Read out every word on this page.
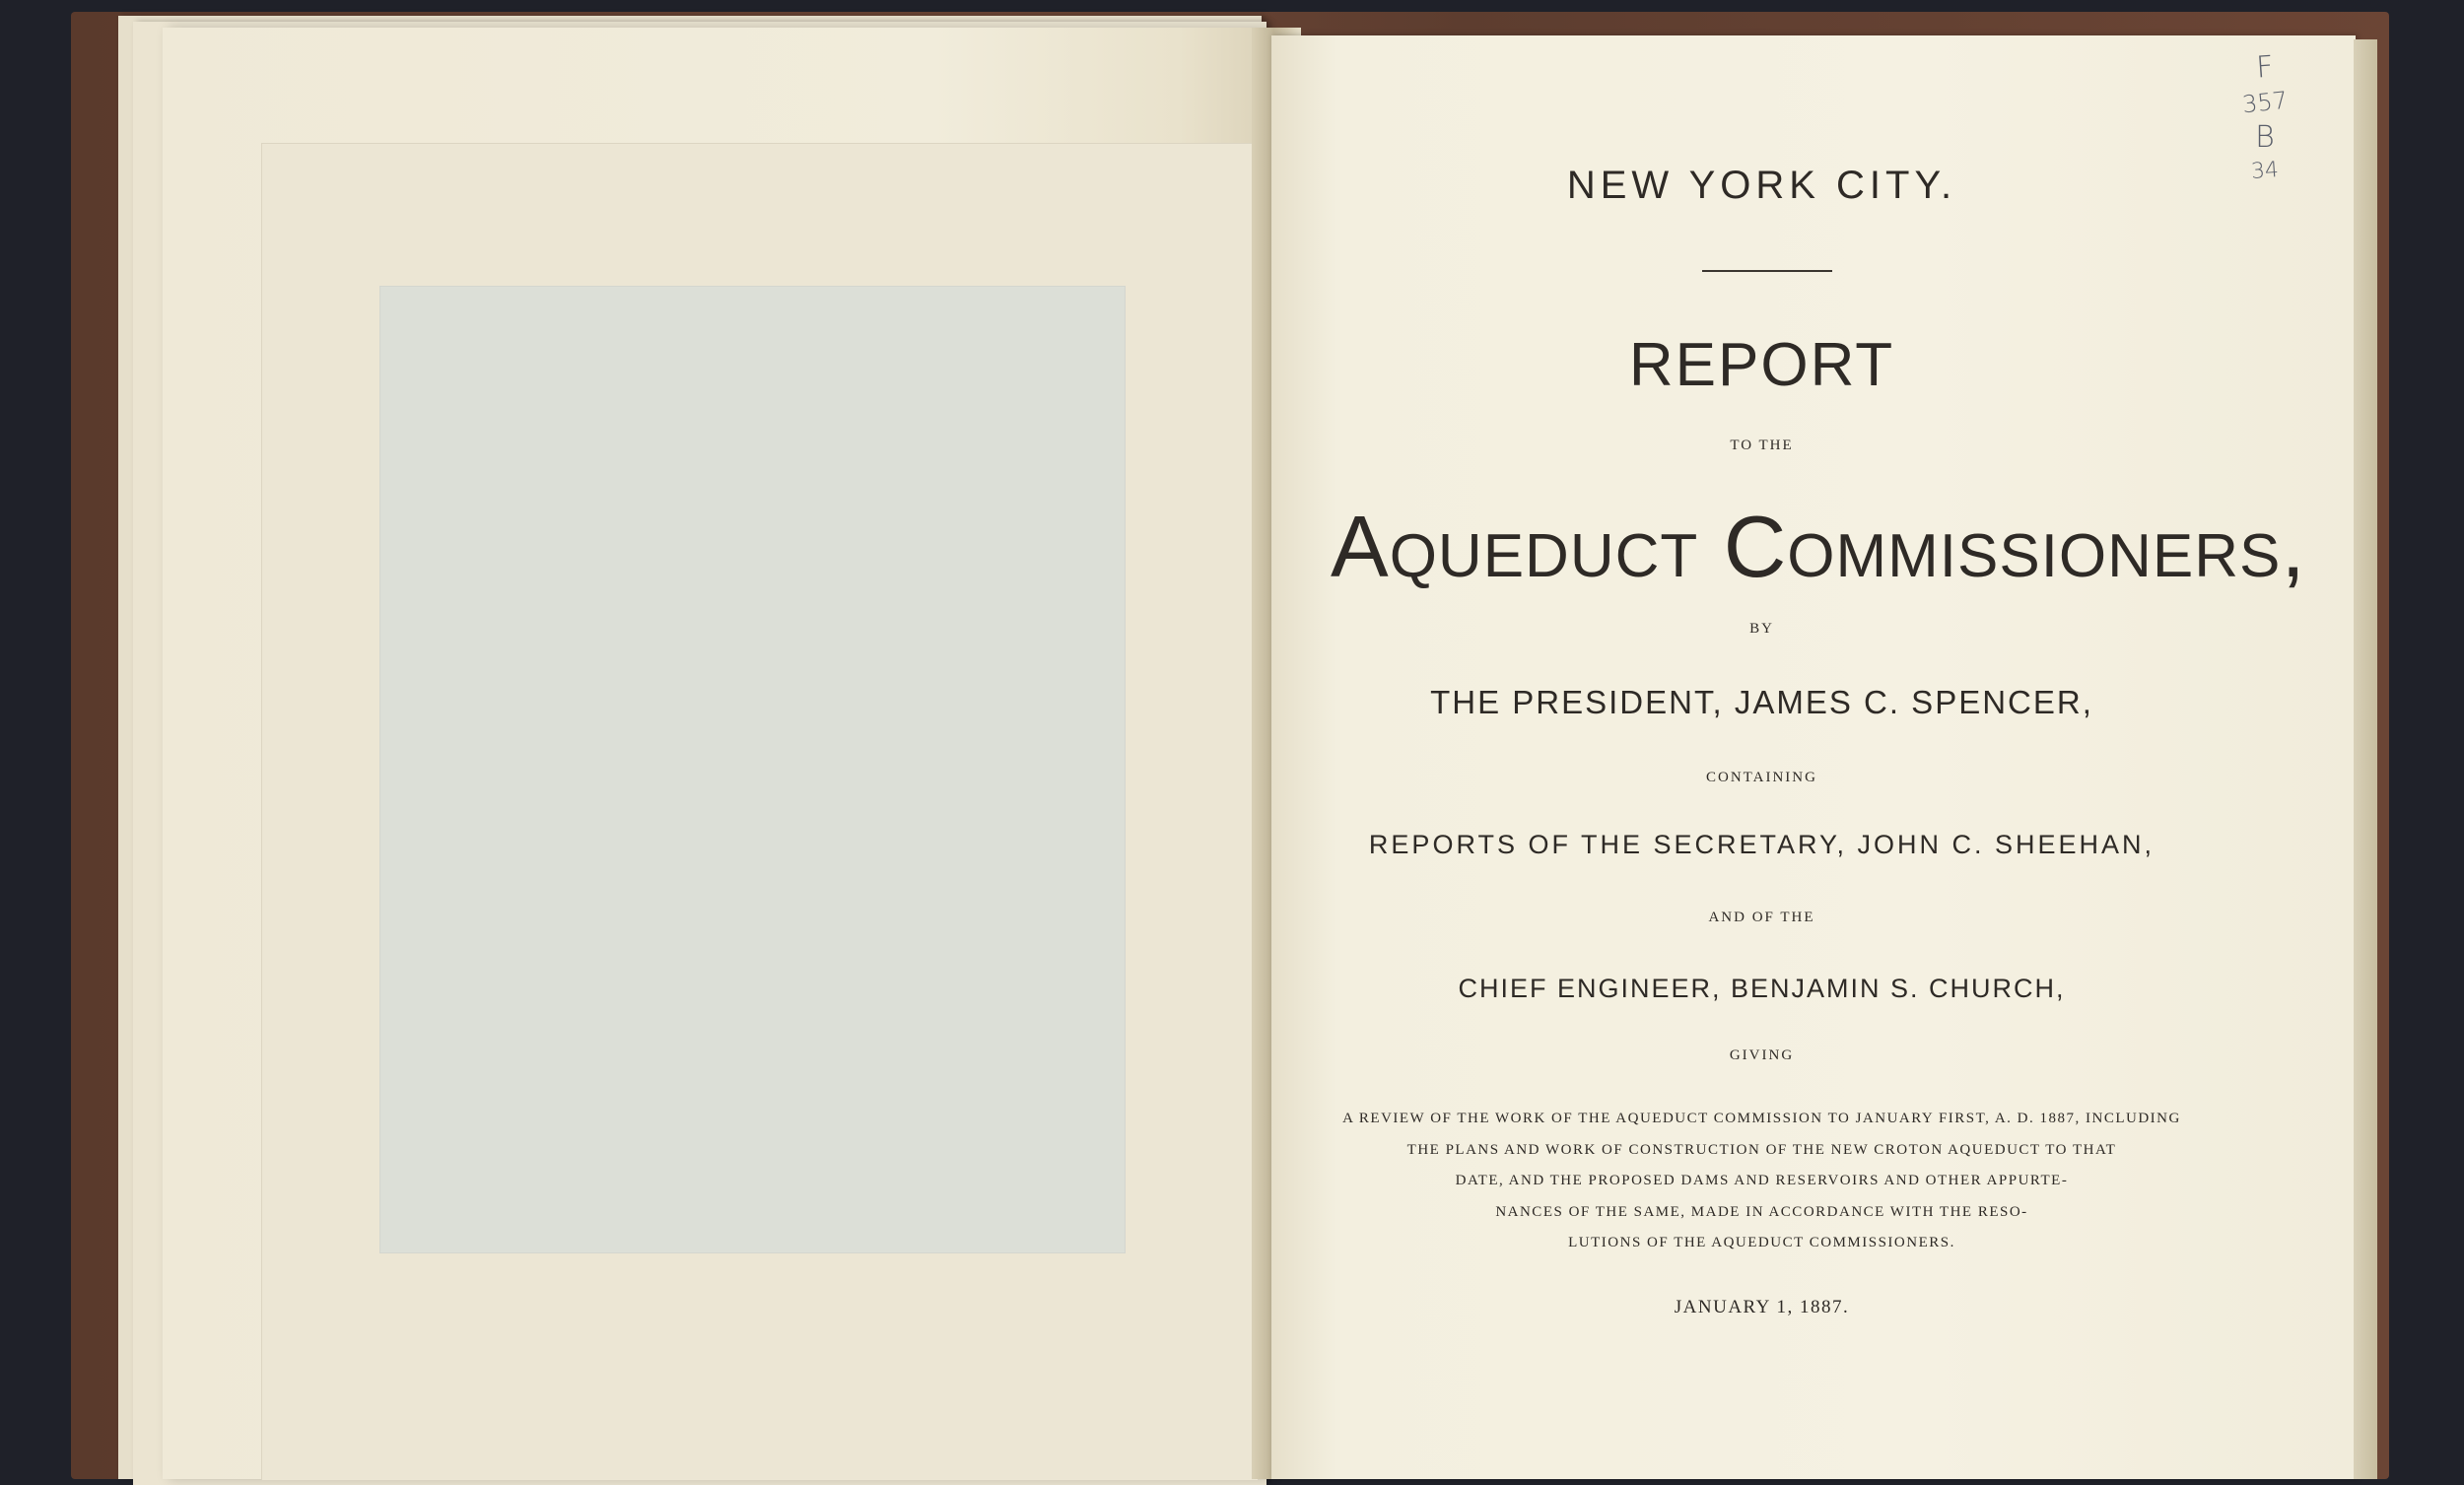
NEW YORK CITY.
REPORT
TO THE
Aqueduct Commissioners,
BY
THE PRESIDENT, JAMES C. SPENCER,
CONTAINING
REPORTS OF THE SECRETARY, JOHN C. SHEEHAN,
AND OF THE
CHIEF ENGINEER, BENJAMIN S. CHURCH,
GIVING
A REVIEW OF THE WORK OF THE AQUEDUCT COMMISSION TO JANUARY FIRST, A. D. 1887, INCLUDING
THE PLANS AND WORK OF CONSTRUCTION OF THE NEW CROTON AQUEDUCT TO THAT
DATE, AND THE PROPOSED DAMS AND RESERVOIRS AND OTHER APPURTE-
NANCES OF THE SAME, MADE IN ACCORDANCE WITH THE RESO-
LUTIONS OF THE AQUEDUCT COMMISSIONERS.
JANUARY 1, 1887.
F
357
B
34
